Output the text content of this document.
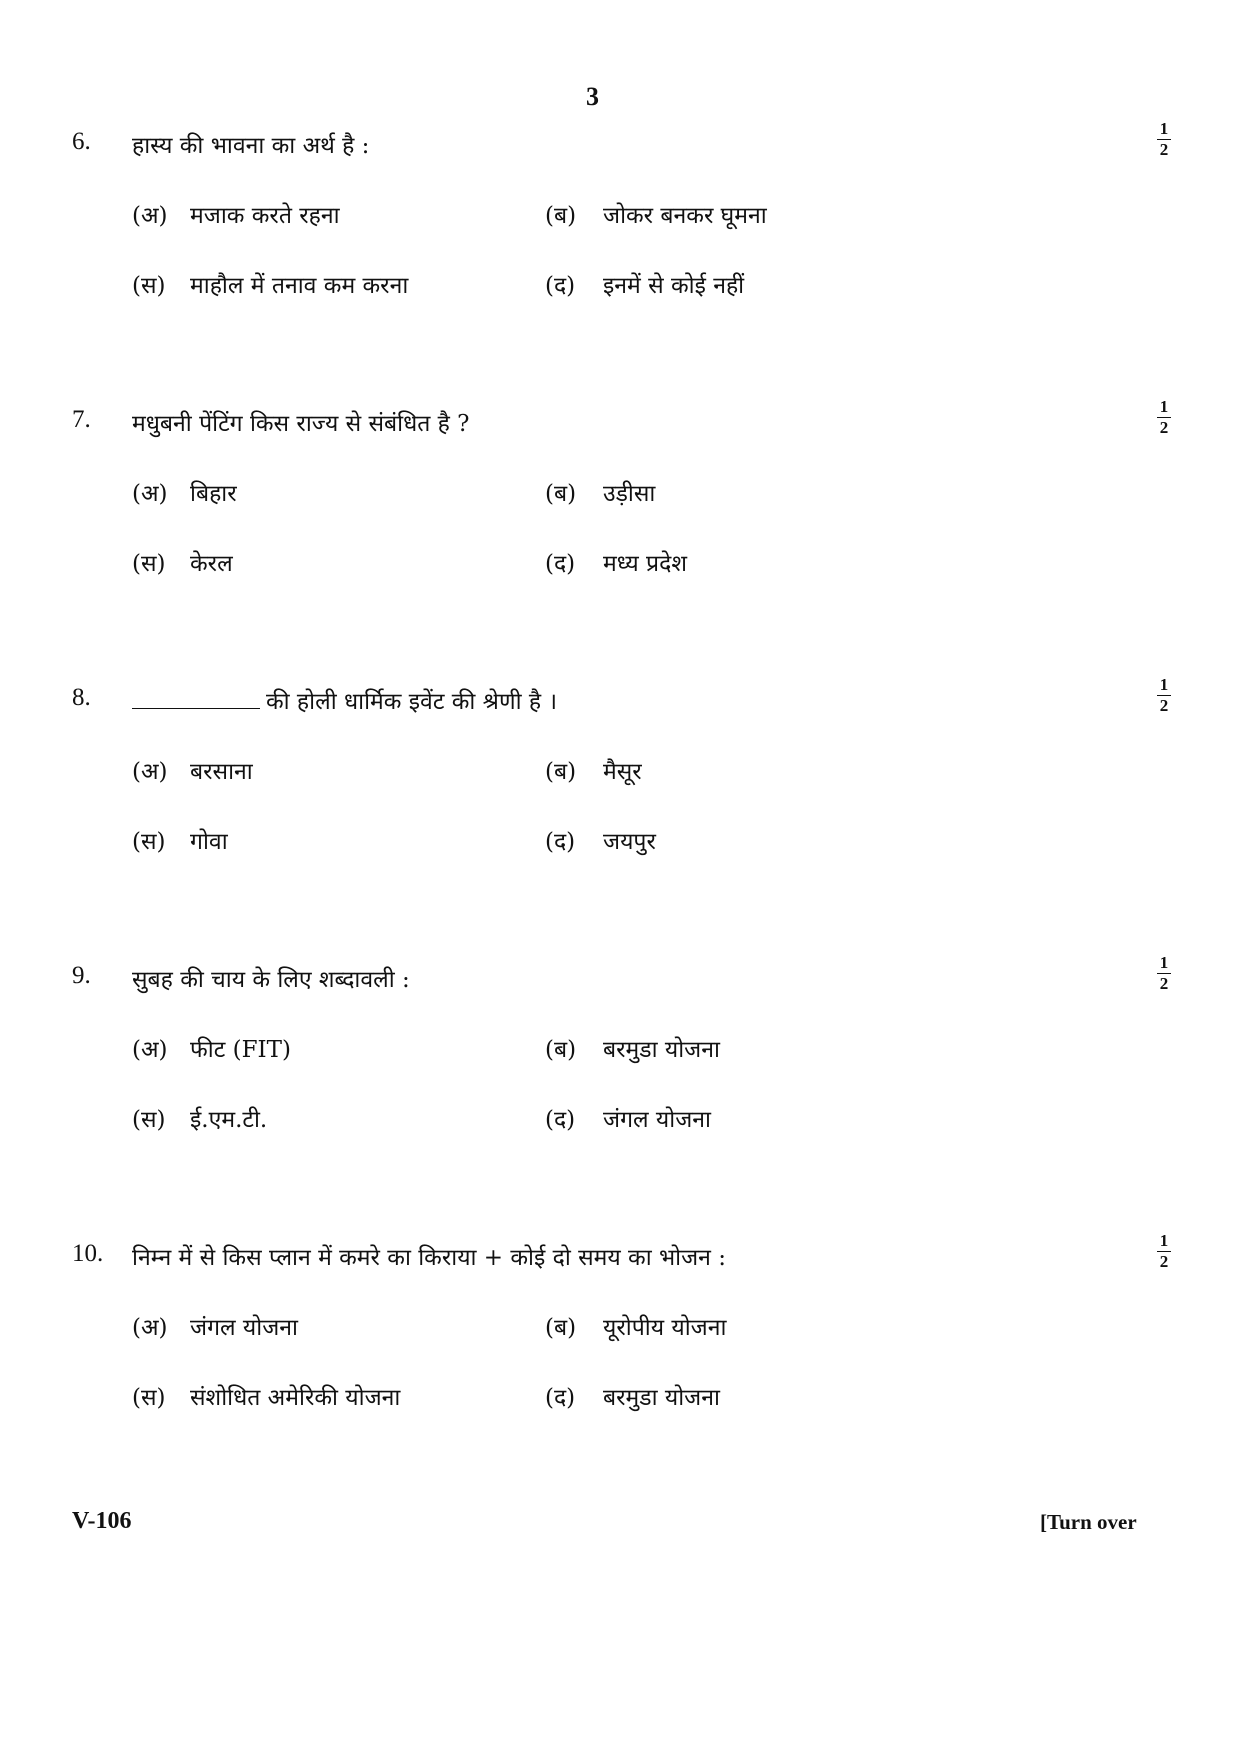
3
6. हास्य की भावना का अर्थ है :
1
2
(अ) मजाक करते रहना	(ब) जोकर बनकर घूमना
(स) माहौल में तनाव कम करना	(द) इनमें से कोई नहीं
7. मधुबनी पेंटिंग किस राज्य से संबंधित है ?
1
2
(अ) बिहार	(ब) उड़ीसा
(स) केरल	(द) मध्य प्रदेश
8.	की होली धार्मिक इवेंट की श्रेणी है ।
1
2
(अ) बरसाना	(ब) मैसूर
(स) गोवा	(द) जयपुर
9. सुबह की चाय के लिए शब्दावली :
1
2
(अ) फीट (FIT)	(ब) बरमुडा योजना
(स) ई.एम.टी.	(द) जंगल योजना
10. निम्न में से किस प्लान में कमरे का किराया + कोई दो समय का भोजन :
1
2
(अ) जंगल योजना	(ब) यूरोपीय योजना
(स) संशोधित अमेरिकी योजना	(द) बरमुडा योजना
V-106	[Turn over
